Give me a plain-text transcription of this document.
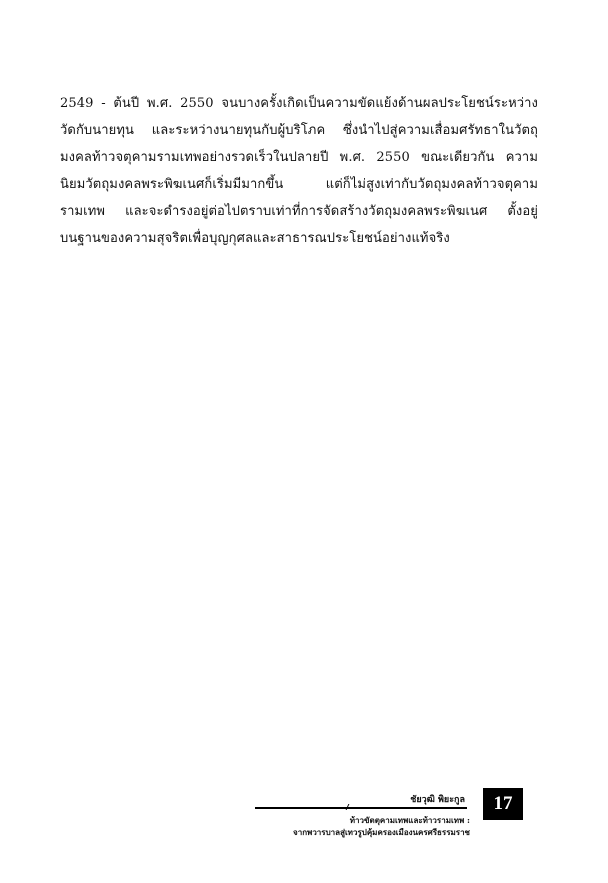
2549 - ต้นปี พ.ศ. 2550 จนบางครั้งเกิดเป็นความขัดแย้งด้านผลประโยชน์ระหว่าง
วัดกับนายทุน และระหว่างนายทุนกับผู้บริโภค ซึ่งนำไปสู่ความเสื่อมศรัทธาในวัตถุ
มงคลท้าวจตุคามรามเทพอย่างรวดเร็วในปลายปี พ.ศ. 2550 ขณะเดียวกัน ความ
นิยมวัตถุมงคลพระพิฆเนศก็เริ่มมีมากขึ้น แต่ก็ไม่สูงเท่ากับวัตถุมงคลท้าวจตุคาม
รามเทพ และจะดำรงอยู่ต่อไปตราบเท่าที่การจัดสร้างวัตถุมงคลพระพิฆเนศ ตั้งอยู่
บนฐานของความสุจริตเพื่อบุญกุศลและสาธารณประโยชน์อย่างแท้จริง
ชัยวุฒิ พิยะกูล
ท้าวขัตตุคามเทพและท้าวรามเทพ :
จากพวารบาลสู่เทวรูปคุ้มครองเมืองนครศรีธรรมราช
17
